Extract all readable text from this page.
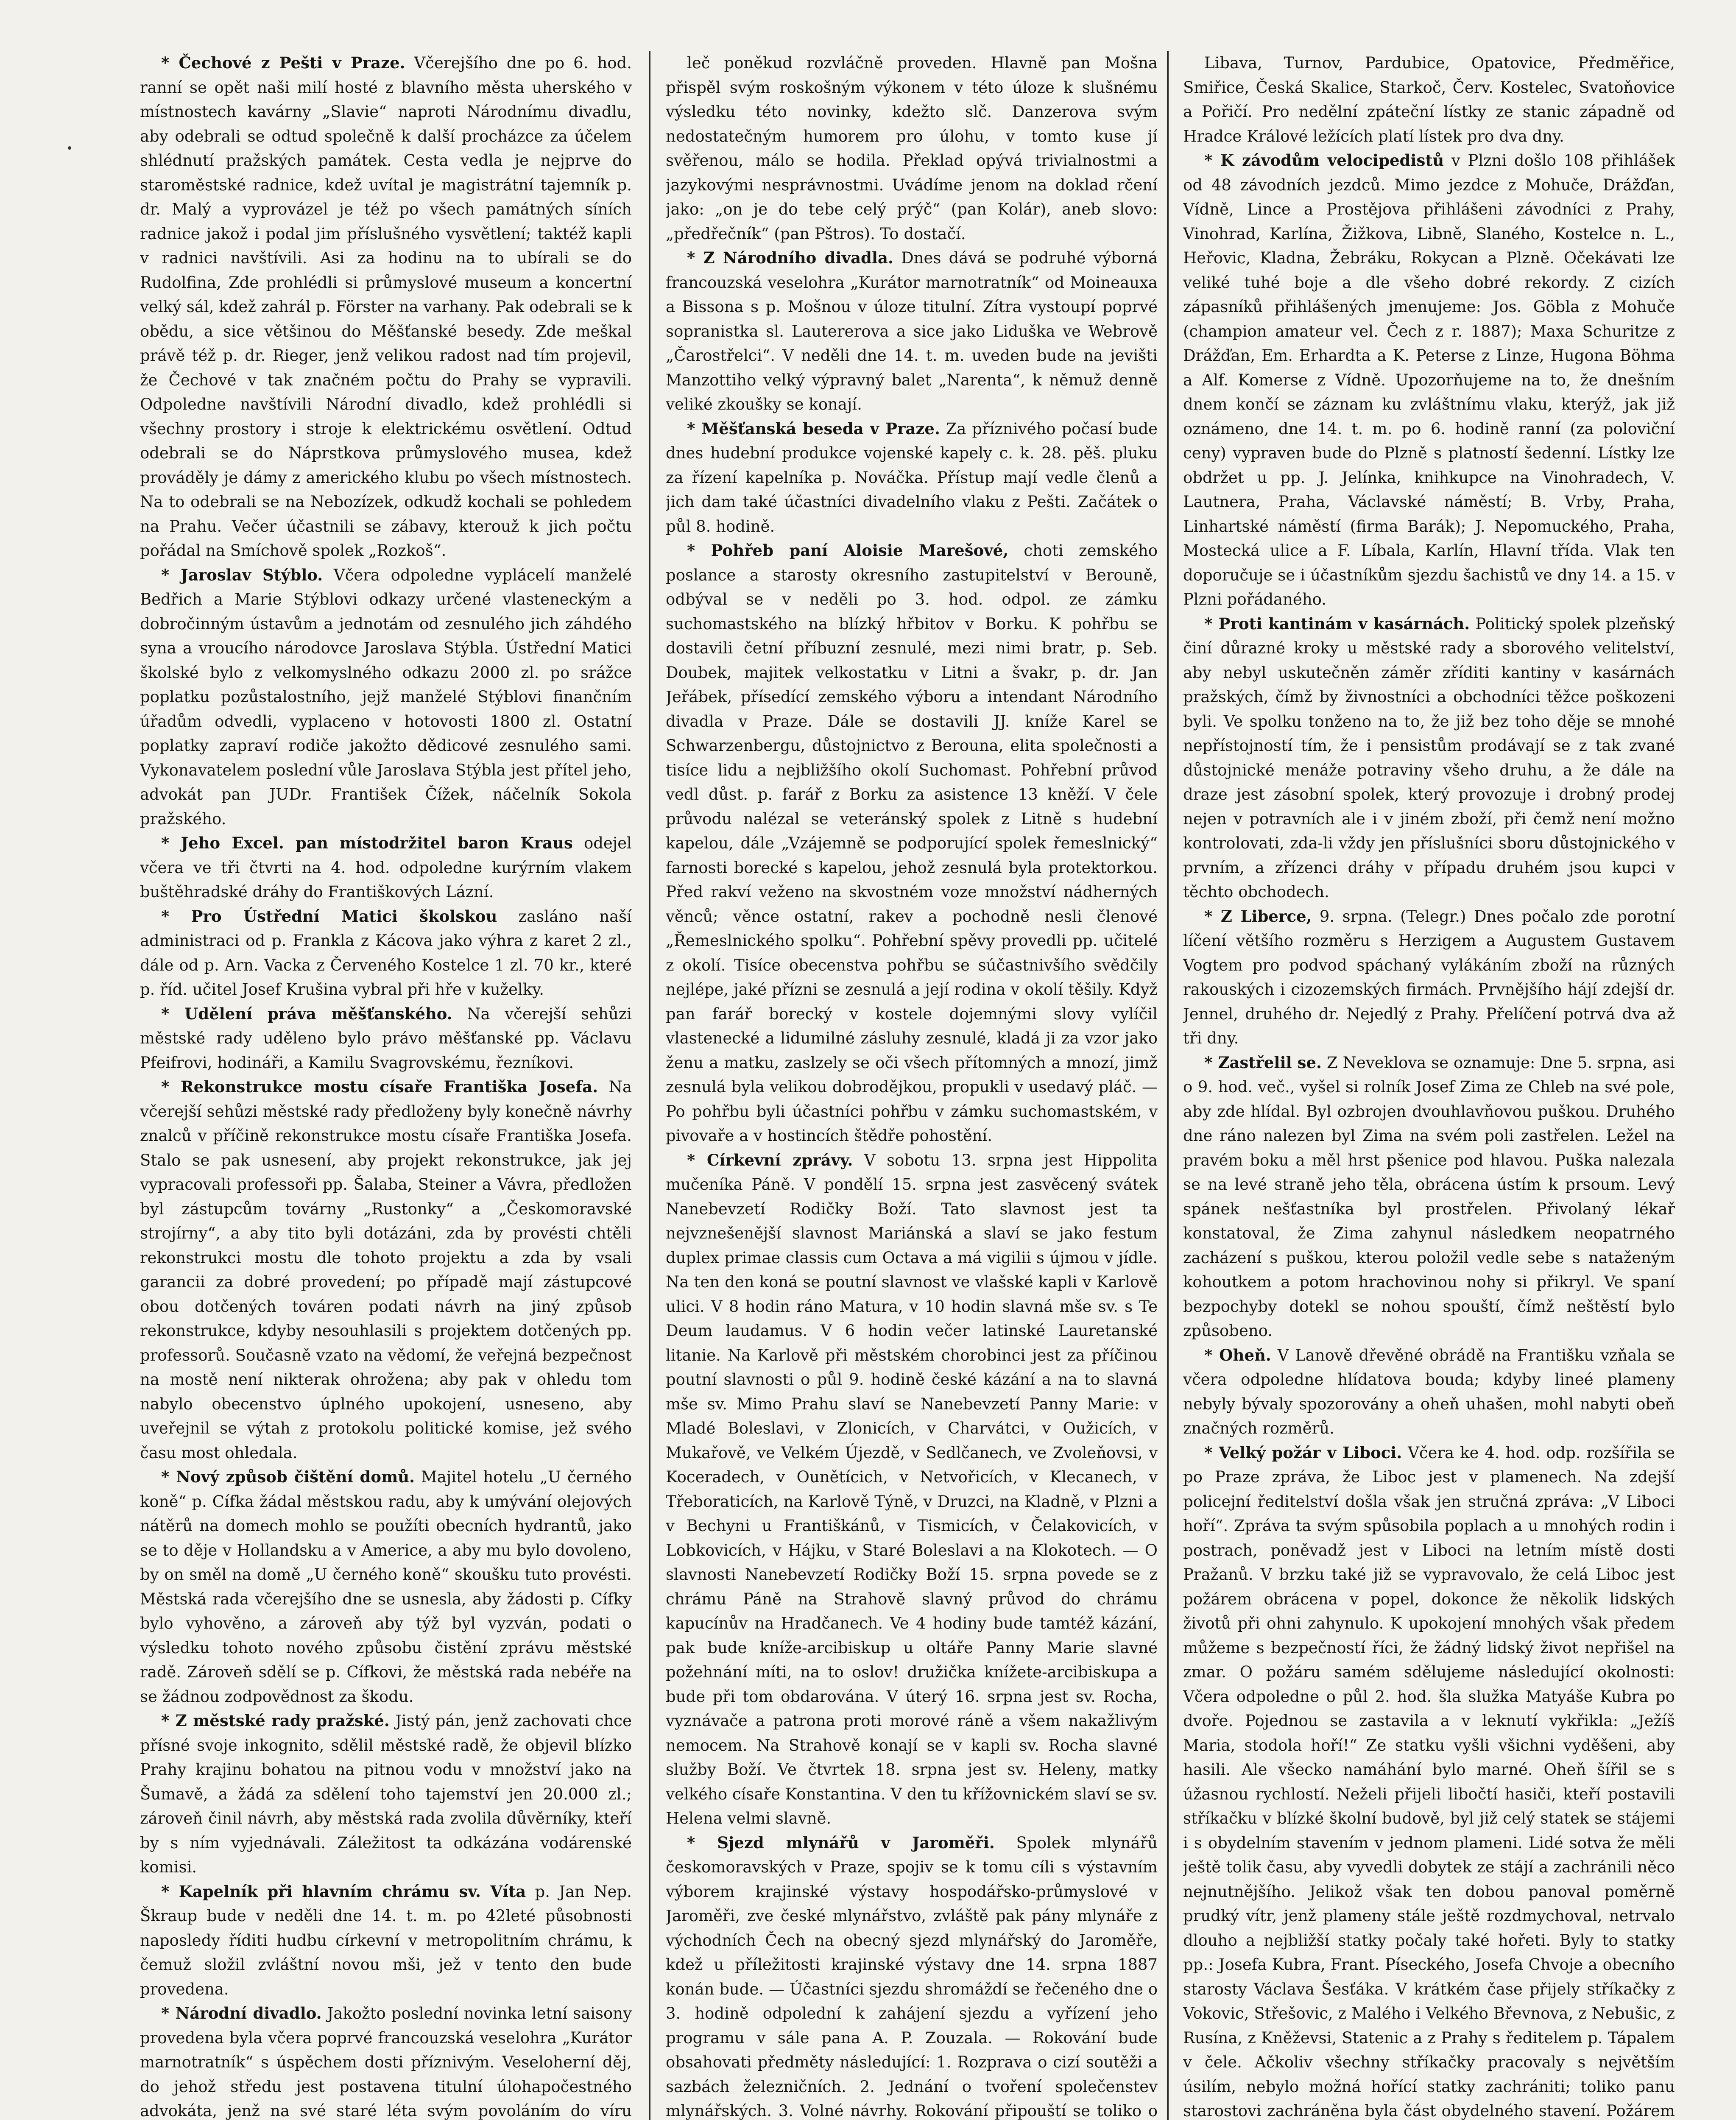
* Čechové z Pešti v Praze. Včerejšího dne po 6. hod. ranní se opět naši milí hosté z blavního města uherského v místnostech kavárny „Slavie“ naproti Národnímu divadlu, aby odebrali se odtud společně k další procházce za účelem shlédnutí pražských památek. Cesta vedla je nejprve do staroměstské radnice, kdež uvítal je magistrátní tajemník p. dr. Malý a vyprovázel je též po všech památných síních radnice jakož i podal jim příslušného vysvětlení; taktéž kapli v radnici navštívili. Asi za hodinu na to ubírali se do Rudolfina, Zde prohlédli si průmyslové museum a koncertní velký sál, kdež zahrál p. Förster na varhany. Pak odebrali se k obědu, a sice většinou do Měšťanské besedy. Zde meškal právě též p. dr. Rieger, jenž velikou radost nad tím projevil, že Čechové v tak značném počtu do Prahy se vypravili. Odpoledne navštívili Národní divadlo, kdež prohlédli si všechny prostory i stroje k elektrickému osvětlení. Odtud odebrali se do Náprstkova průmyslového musea, kdež prováděly je dámy z amerického klubu po všech místnostech. Na to odebrali se na Nebozízek, odkudž kochali se pohledem na Prahu. Večer účastnili se zábavy, kterouž k jich počtu pořádal na Smíchově spolek „Rozkoš“.

* Jaroslav Stýblo. Včera odpoledne vyplácelí manželé Bedřich a Marie Stýblovi odkazy určené vlasteneckým a dobročinným ústavům a jednotám od zesnulého jich záhdého syna a vroucího národovce Jaroslava Stýbla. Ústřední Matici školské bylo z velkomyslného odkazu 2000 zl. po srážce poplatku pozůstalostního, jejž manželé Stýblovi finančním úřadům odvedli, vyplaceno v hotovosti 1800 zl. Ostatní poplatky zapraví rodiče jakožto dědicové zesnulého sami. Vykonavatelem poslední vůle Jaroslava Stýbla jest přítel jeho, advokát pan JUDr. František Čížek, náčelník Sokola pražského.

* Jeho Excel. pan místodržitel baron Kraus odejel včera ve tři čtvrti na 4. hod. odpoledne kurýrním vlakem buštěhradské dráhy do Františkových Lázní.

* Pro Ústřední Matici školskou zasláno naší administraci od p. Frankla z Kácova jako výhra z karet 2 zl., dále od p. Arn. Vacka z Červeného Kostelce 1 zl. 70 kr., které p. říd. učitel Josef Krušina vybral při hře v kuželky.

* Udělení práva měšťanského. Na včerejší sehůzi městské rady uděleno bylo právo měšťanské pp. Václavu Pfeifrovi, hodináři, a Kamilu Svagrovskému, řezníkovi.

* Rekonstrukce mostu císaře Františka Josefa. Na včerejší sehůzi městské rady předloženy byly konečně návrhy znalců v příčině rekonstrukce mostu císaře Františka Josefa. Stalo se pak usnesení, aby projekt rekonstrukce, jak jej vypracovali professoři pp. Šalaba, Steiner a Vávra, předložen byl zástupcům továrny „Rustonky“ a „Českomoravské strojírny“, a aby tito byli dotázáni, zda by provésti chtěli rekonstrukci mostu dle tohoto projektu a zda by vsali garancii za dobré provedení; po případě mají zástupcové obou dotčených továren podati návrh na jiný způsob rekonstrukce, kdyby nesouhlasili s projektem dotčených pp. professorů. Současně vzato na vědomí, že veřejná bezpečnost na mostě není nikterak ohrožena; aby pak v ohledu tom nabylo obecenstvo úplného upokojení, usneseno, aby uveřejnil se výtah z protokolu politické komise, jež svého času most ohledala.

* Nový způsob čištění domů. Majitel hotelu „U černého koně“ p. Cífka žádal městskou radu, aby k umývání olejových nátěrů na domech mohlo se použíti obecních hydrantů, jako se to děje v Hollandsku a v Americe, a aby mu bylo dovoleno, by on směl na domě „U černého koně“ skoušku tuto provésti. Městská rada včerejšího dne se usnesla, aby žádosti p. Cífky bylo vyhověno, a zároveň aby týž byl vyzván, podati o výsledku tohoto nového způsobu čistění zprávu městské radě. Zároveň sdělí se p. Cífkovi, že městská rada nebéře na se žádnou zodpovědnost za škodu.

* Z městské rady pražské. Jistý pán, jenž zachovati chce přísné svoje inkognito, sdělil městské radě, že objevil blízko Prahy krajinu bohatou na pitnou vodu v množství jako na Šumavě, a žádá za sdělení toho tajemství jen 20.000 zl.; zároveň činil návrh, aby městská rada zvolila důvěrníky, kteří by s ním vyjednávali. Záležitost ta odkázána vodárenské komisi.

* Kapelník při hlavním chrámu sv. Víta p. Jan Nep. Škraup bude v neděli dne 14. t. m. po 42leté působnosti naposledy říditi hudbu církevní v metropolitním chrámu, k čemuž složil zvláštní novou mši, jež v tento den bude provedena.

* Národní divadlo. Jakožto poslední novinka letní saisony provedena byla včera poprvé francouzská veselohra „Kurátor marnotratník“ s úspěchem dosti příznivým. Veseloherní děj, do jehož středu jest postavena titulní úlohapočestného advokáta, jenž na své staré léta svým povoláním do víru

leč poněkud rozvláčně proveden. Hlavně pan Mošna přispěl svým roskošným výkonem v této úloze k slušnému výsledku této novinky, kdežto slč. Danzerova svým nedostatečným humorem pro úlohu, v tomto kuse jí svěřenou, málo se hodila. Překlad opývá trivialnostmi a jazykovými nesprávnostmi. Uvádíme jenom na doklad rčení jako: „on je do tebe celý prýč“ (pan Kolár), aneb slovo: „předřečník“ (pan Pštros). To dostačí.

* Z Národního divadla. Dnes dává se podruhé výborná francouzská veselohra „Kurátor marnotratník“ od Moineauxa a Bissona s p. Mošnou v úloze titulní. Zítra vystoupí poprvé sopranistka sl. Lautererova a sice jako Liduška ve Webrově „Čarostřelci“. V neděli dne 14. t. m. uveden bude na jevišti Manzottiho velký výpravný balet „Narenta“, k němuž denně veliké zkoušky se konají.

* Měšťanská beseda v Praze. Za příznivého počasí bude dnes hudební produkce vojenské kapely c. k. 28. pěš. pluku za řízení kapelníka p. Nováčka. Přístup mají vedle členů a jich dam také účastníci divadelního vlaku z Pešti. Začátek o půl 8. hodině.

* Pohřeb paní Aloisie Marešové, choti zemského poslance a starosty okresního zastupitelství v Berouně, odbýval se v neděli po 3. hod. odpol. ze zámku suchomastského na blízký hřbitov v Borku. K pohřbu se dostavili četní příbuzní zesnulé, mezi nimi bratr, p. Seb. Doubek, majitek velkostatku v Litni a švakr, p. dr. Jan Jeřábek, přísedící zemského výboru a intendant Národního divadla v Praze. Dále se dostavili JJ. kníže Karel se Schwarzenbergu, důstojnictvo z Berouna, elita společnosti a tisíce lidu a nejbližšího okolí Suchomast. Pohřební průvod vedl důst. p. farář z Borku za asistence 13 kněží. V čele průvodu nalézal se veteránský spolek z Litně s hudební kapelou, dále „Vzájemně se podporující spolek řemeslnický“ farnosti borecké s kapelou, jehož zesnulá byla protektorkou. Před rakví veženo na skvostném voze množství nádherných věnců; věnce ostatní, rakev a pochodně nesli členové „Řemeslnického spolku“. Pohřební spěvy provedli pp. učitelé z okolí. Tisíce obecenstva pohřbu se súčastnivšího svědčily nejlépe, jaké přízni se zesnulá a její rodina v okolí těšily. Když pan farář borecký v kostele dojemnými slovy vylíčil vlastenecké a lidumilné zásluhy zesnulé, kladá ji za vzor jako ženu a matku, zaslzely se oči všech přítomných a mnozí, jimž zesnulá byla velikou dobrodějkou, propukli v usedavý pláč. — Po pohřbu byli účastníci pohřbu v zámku suchomastském, v pivovaře a v hostincích štědře pohostění.

* Církevní zprávy. V sobotu 13. srpna jest Hippolita mučeníka Páně. V pondělí 15. srpna jest zasvěcený svátek Nanebevzetí Rodičky Boží. Tato slavnost jest ta nejvznešenější slavnost Mariánská a slaví se jako festum duplex primae classis cum Octava a má vigilii s újmou v jídle. Na ten den koná se poutní slavnost ve vlašské kapli v Karlově ulici. V 8 hodin ráno Matura, v 10 hodin slavná mše sv. s Te Deum laudamus. V 6 hodin večer latinské Lauretanské litanie. Na Karlově při městském chorobinci jest za příčinou poutní slavnosti o půl 9. hodině české kázání a na to slavná mše sv. Mimo Prahu slaví se Nanebevzetí Panny Marie: v Mladé Boleslavi, v Zlonicích, v Charvátci, v Oužicích, v Mukařově, ve Velkém Újezdě, v Sedlčanech, ve Zvoleňovsi, v Koceradech, v Ounětícich, v Netvořicích, v Klecanech, v Třeboraticích, na Karlově Týně, v Druzci, na Kladně, v Plzni a v Bechyni u Františkánů, v Tismicích, v Čelakovicích, v Lobkovicích, v Hájku, v Staré Boleslavi a na Klokotech. — O slavnosti Nanebevzetí Rodičky Boží 15. srpna povede se z chrámu Páně na Strahově slavný průvod do chrámu kapucínův na Hradčanech. Ve 4 hodiny bude tamtéž kázání, pak bude kníže-arcibiskup u oltáře Panny Marie slavné požehnání míti, na to oslov! družička knížete-arcibiskupa a bude při tom obdarována. V úterý 16. srpna jest sv. Rocha, vyznávače a patrona proti morové ráně a všem nakažlivým nemocem. Na Strahově konají se v kapli sv. Rocha slavné služby Boží. Ve čtvrtek 18. srpna jest sv. Heleny, matky velkého císaře Konstantina. V den tu křížovnickém slaví se sv. Helena velmi slavně.

* Sjezd mlynářů v Jaroměři. Spolek mlynářů českomoravských v Praze, spojiv se k tomu cíli s výstavním výborem krajinské výstavy hospodářsko-průmyslové v Jaroměři, zve české mlynářstvo, zvláště pak pány mlynáře z východních Čech na obecný sjezd mlynářský do Jaroměře, kdež u příležitosti krajinské výstavy dne 14. srpna 1887 konán bude. — Účastníci sjezdu shromáždí se řečeného dne o 3. hodině odpolední k zahájení sjezdu a vyřízení jeho programu v sále pana A. P. Zouzala. — Rokování bude obsahovati předměty následující: 1. Rozprava o cizí soutěži a sazbách železničních. 2. Jednání o tvoření společenstev mlynářských. 3. Volné návrhy. Rokování připouští se toliko o

Libava, Turnov, Pardubice, Opatovice, Předměřice, Smiřice, Česká Skalice, Starkoč, Červ. Kostelec, Svatoňovice a Pořičí. Pro nedělní zpáteční lístky ze stanic západně od Hradce Králové ležících platí lístek pro dva dny.

* K závodům velocipedistů v Plzni došlo 108 přihlášek od 48 závodních jezdců. Mimo jezdce z Mohuče, Drážďan, Vídně, Lince a Prostějova přihlášeni závodníci z Prahy, Vinohrad, Karlína, Žižkova, Libně, Slaného, Kostelce n. L., Heřovic, Kladna, Žebráku, Rokycan a Plzně. Očekávati lze veliké tuhé boje a dle všeho dobré rekordy. Z cizích zápasníků přihlášených jmenujeme: Jos. Göbla z Mohuče (champion amateur vel. Čech z r. 1887); Maxa Schuritze z Drážďan, Em. Erhardta a K. Peterse z Linze, Hugona Böhma a Alf. Komerse z Vídně. Upozorňujeme na to, že dnešním dnem končí se záznam ku zvláštnímu vlaku, kterýž, jak již oznámeno, dne 14. t. m. po 6. hodině ranní (za poloviční ceny) vypraven bude do Plzně s platností šedenní. Lístky lze obdržet u pp. J. Jelínka, knihkupce na Vinohradech, V. Lautnera, Praha, Václavské náměstí; B. Vrby, Praha, Linhartské náměstí (firma Barák); J. Nepomuckého, Praha, Mostecká ulice a F. Líbala, Karlín, Hlavní třída. Vlak ten doporučuje se i účastníkům sjezdu šachistů ve dny 14. a 15. v Plzni pořádaného.

* Proti kantinám v kasárnách. Politický spolek plzeňský činí důrazné kroky u městské rady a sborového velitelství, aby nebyl uskutečněn záměr zříditi kantiny v kasárnách pražských, čímž by živnostníci a obchodníci těžce poškozeni byli. Ve spolku tonženo na to, že již bez toho děje se mnohé nepřístojností tím, že i pensistům prodávají se z tak zvané důstojnické menáže potraviny všeho druhu, a že dále na draze jest zásobní spolek, který provozuje i drobný prodej nejen v potravních ale i v jiném zboží, při čemž není možno kontrolovati, zda-li vždy jen příslušníci sboru důstojnického v prvním, a zřízenci dráhy v případu druhém jsou kupci v těchto obchodech.

* Z Liberce, 9. srpna. (Telegr.) Dnes počalo zde porotní líčení většího rozměru s Herzigem a Augustem Gustavem Vogtem pro podvod spáchaný vylákáním zboží na různých rakouských i cizozemských firmách. Prvnějšího hájí zdejší dr. Jennel, druhého dr. Nejedlý z Prahy. Přelíčení potrvá dva až tři dny.

* Zastřelil se. Z Neveklova se oznamuje: Dne 5. srpna, asi o 9. hod. več., vyšel si rolník Josef Zima ze Chleb na své pole, aby zde hlídal. Byl ozbrojen dvouhlavňovou puškou. Druhého dne ráno nalezen byl Zima na svém poli zastřelen. Ležel na pravém boku a měl hrst pšenice pod hlavou. Puška nalezala se na levé straně jeho těla, obrácena ústím k prsoum. Levý spánek nešťastníka byl prostřelen. Přivolaný lékař konstatoval, že Zima zahynul následkem neopatrného zacházení s puškou, kterou položil vedle sebe s nataženým kohoutkem a potom hrachovinou nohy si přikryl. Ve spaní bezpochyby dotekl se nohou spouští, čímž neštěstí bylo způsobeno.

* Oheň. V Lanově dřevěné obrádě na Františku vzňala se včera odpoledne hlídatova bouda; kdyby lineé plameny nebyly bývaly spozorovány a oheň uhašen, mohl nabyti obeň značných rozměrů.

* Velký požár v Liboci. Včera ke 4. hod. odp. rozšířila se po Praze zpráva, že Liboc jest v plamenech. Na zdejší policejní ředitelství došla však jen stručná zpráva: „V Liboci hoří“. Zpráva ta svým spůsobila poplach a u mnohých rodin i postrach, poněvadž jest v Liboci na letním místě dosti Pražanů. V brzku také již se vypravovalo, že celá Liboc jest požárem obrácena v popel, dokonce že několik lidských životů při ohni zahynulo. K upokojení mnohých však předem můžeme s bezpečností říci, že žádný lidský život nepřišel na zmar. O požáru samém sdělujeme následující okolnosti: Včera odpoledne o půl 2. hod. šla služka Matyáše Kubra po dvoře. Pojednou se zastavila a v leknutí vykřikla: „Ježíš Maria, stodola hoří!“ Ze statku vyšli všichni vyděšeni, aby hasili. Ale všecko namáhání bylo marné. Oheň šířil se s úžasnou rychlostí. Neželi přijeli libočtí hasiči, kteří postavili stříkačku v blízké školní budově, byl již celý statek se stájemi i s obydelním stavením v jednom plameni. Lidé sotva že měli ještě tolik času, aby vyvedli dobytek ze stájí a zachránili něco nejnutnějšího. Jelikož však ten dobou panoval poměrně prudký vítr, jenž plameny stále ještě rozdmychoval, netrvalo dlouho a nejbližší statky počaly také hořeti. Byly to statky pp.: Josefa Kubra, Frant. Píseckého, Josefa Chvoje a obecního starosty Václava Šesťáka. V krátkém čase přijely stříkačky z Vokovic, Střešovic, z Malého i Velkého Břevnova, z Nebušic, z Rusína, z Kněževsi, Statenic a z Prahy s ředitelem p. Tápalem v čele. Ačkoliv všechny stříkačky pracovaly s největším úsilím, nebylo možná hořící statky zachrániti; toliko panu starostovi zachráněna byla část obydelného stavení. Požárem
